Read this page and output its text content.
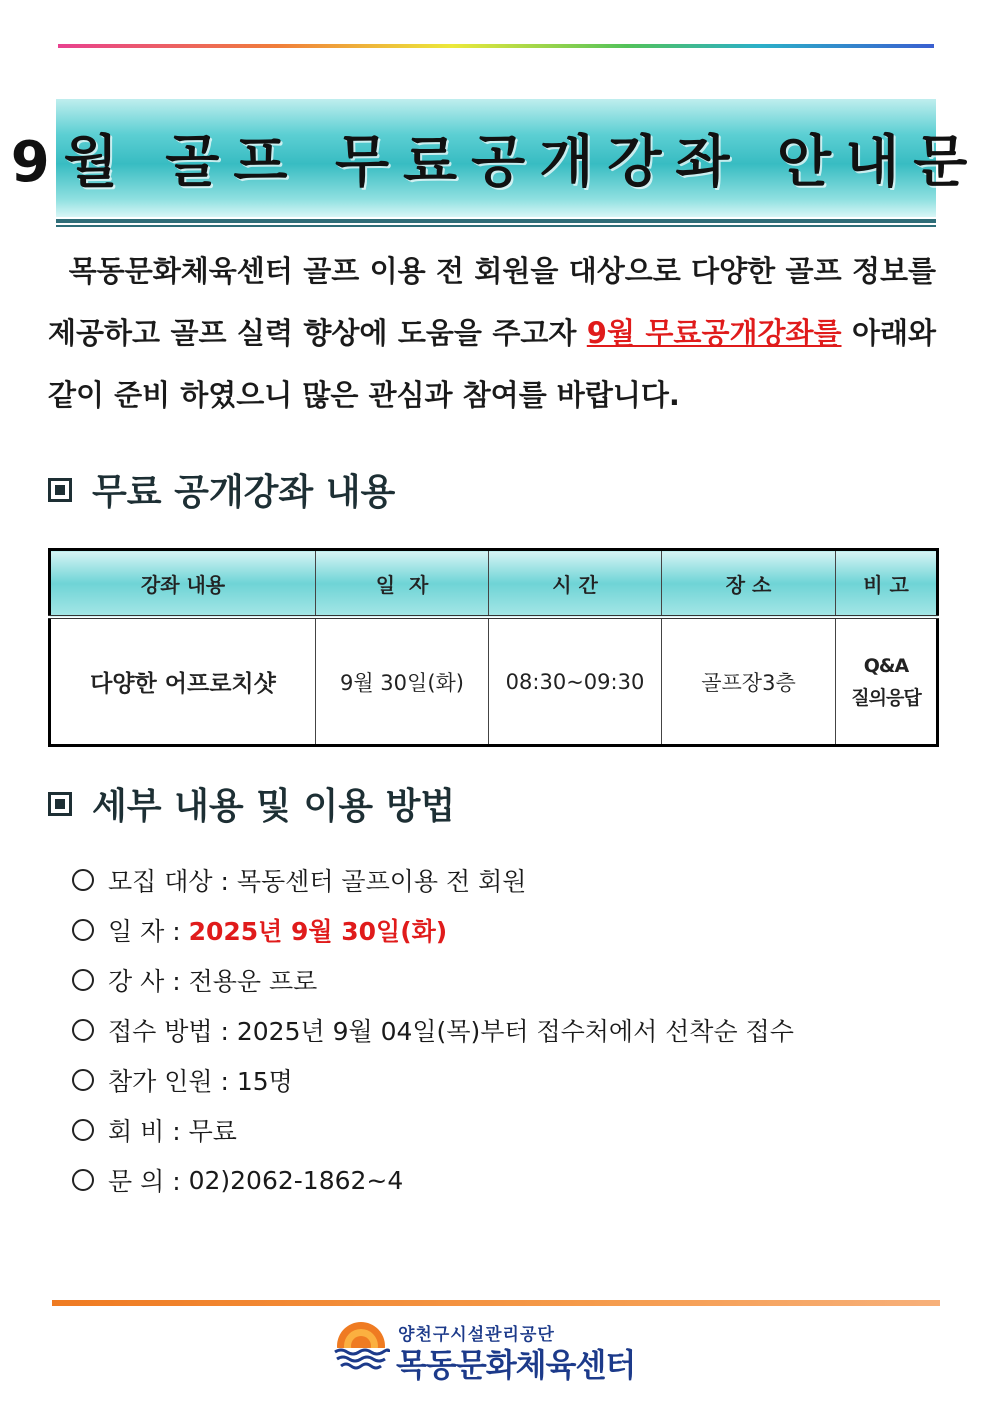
9월 골프 무료공개강좌 안내문
목동문화체육센터 골프 이용 전 회원을 대상으로 다양한 골프 정보를 제공하고 골프 실력 향상에 도움을 주고자 9월 무료공개강좌를 아래와 같이 준비 하였으니 많은 관심과 참여를 바랍니다.
무료 공개강좌 내용
강좌 내용	일  자	시 간	장 소	비 고
다양한 어프로치샷	9월 30일(화)	08:30~09:30	골프장3층	Q&A
질의응답
세부 내용 및 이용 방법
모집 대상 : 목동센터 골프이용 전 회원
일 자 : 2025년 9월 30일(화)
강 사 : 전용운 프로
접수 방법 : 2025년 9월 04일(목)부터 접수처에서 선착순 접수
참가 인원 : 15명
회 비 : 무료
문 의 : 02)2062-1862~4
양천구시설관리공단
목동문화체육센터
